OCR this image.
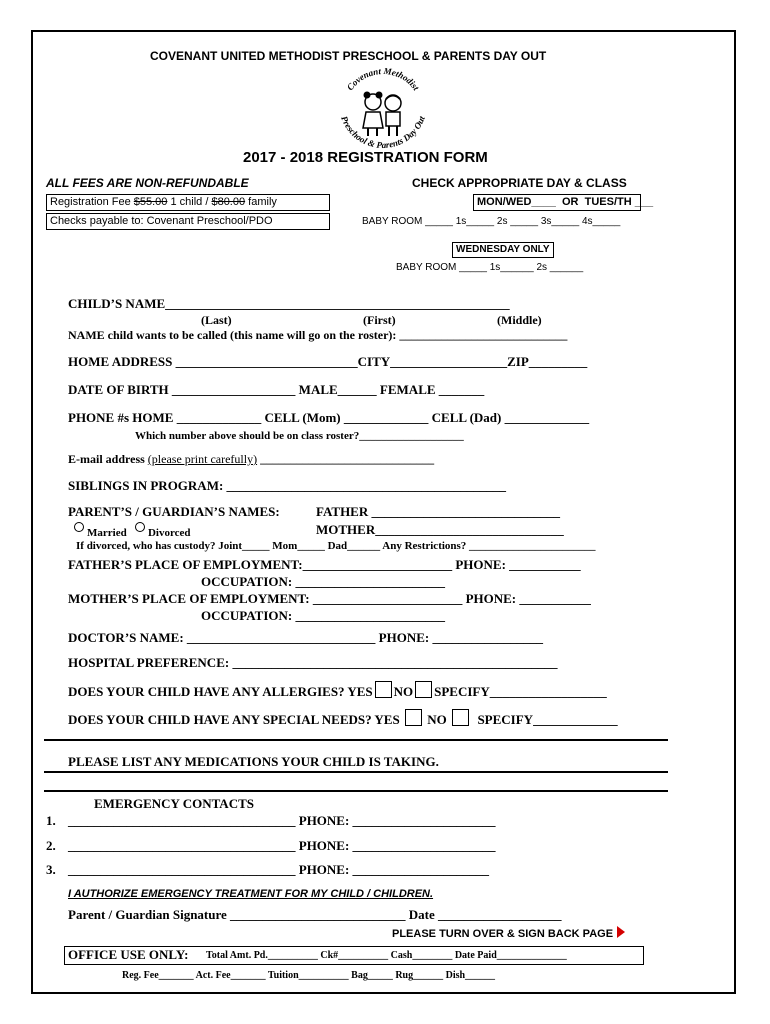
COVENANT UNITED METHODIST PRESCHOOL & PARENTS DAY OUT
Covenant Methodist
Preschool & Parents Day Out
2017 - 2018 REGISTRATION FORM
ALL FEES ARE NON-REFUNDABLE
Registration Fee $55.00 1 child / $80.00 family
Checks payable to: Covenant Preschool/PDO
CHECK APPROPRIATE DAY & CLASS
MON/WED____ OR TUES/TH ___
BABY ROOM _____ 1s_____ 2s _____ 3s_____ 4s_____
WEDNESDAY ONLY
BABY ROOM _____ 1s______ 2s ______
CHILD’S NAME_____________________________________________________
(Last)	(First)	(Middle)
NAME child wants to be called (this name will go on the roster): ____________________________
HOME ADDRESS ____________________________CITY__________________ZIP_________
DATE OF BIRTH ___________________ MALE______ FEMALE _______
PHONE #s HOME _____________ CELL (Mom) _____________ CELL (Dad) _____________
Which number above should be on class roster?___________________
E-mail address (please print carefully) _____________________________
SIBLINGS IN PROGRAM: ___________________________________________
PARENT’S / GUARDIAN’S NAMES:	FATHER _____________________________
Married Divorced	MOTHER_____________________________
If divorced, who has custody? Joint_____ Mom_____ Dad______ Any Restrictions? _______________________
FATHER’S PLACE OF EMPLOYMENT:_______________________ PHONE: ___________
OCCUPATION: _______________________
MOTHER’S PLACE OF EMPLOYMENT: _______________________ PHONE: ___________
OCCUPATION: _______________________
DOCTOR’S NAME: _____________________________ PHONE: _________________
HOSPITAL PREFERENCE: __________________________________________________
DOES YOUR CHILD HAVE ANY ALLERGIES? YES NO SPECIFY__________________
DOES YOUR CHILD HAVE ANY SPECIAL NEEDS? YES NO SPECIFY_____________
PLEASE LIST ANY MEDICATIONS YOUR CHILD IS TAKING.
EMERGENCY CONTACTS
1. ___________________________________ PHONE: ______________________
2. ___________________________________ PHONE: ______________________
3. ___________________________________ PHONE: _____________________
I AUTHORIZE EMERGENCY TREATMENT FOR MY CHILD / CHILDREN.
Parent / Guardian Signature ___________________________ Date ___________________
PLEASE TURN OVER & SIGN BACK PAGE
OFFICE USE ONLY: Total Amt. Pd.__________ Ck#__________ Cash________ Date Paid______________
Reg. Fee_______ Act. Fee_______ Tuition__________ Bag_____ Rug______ Dish______
